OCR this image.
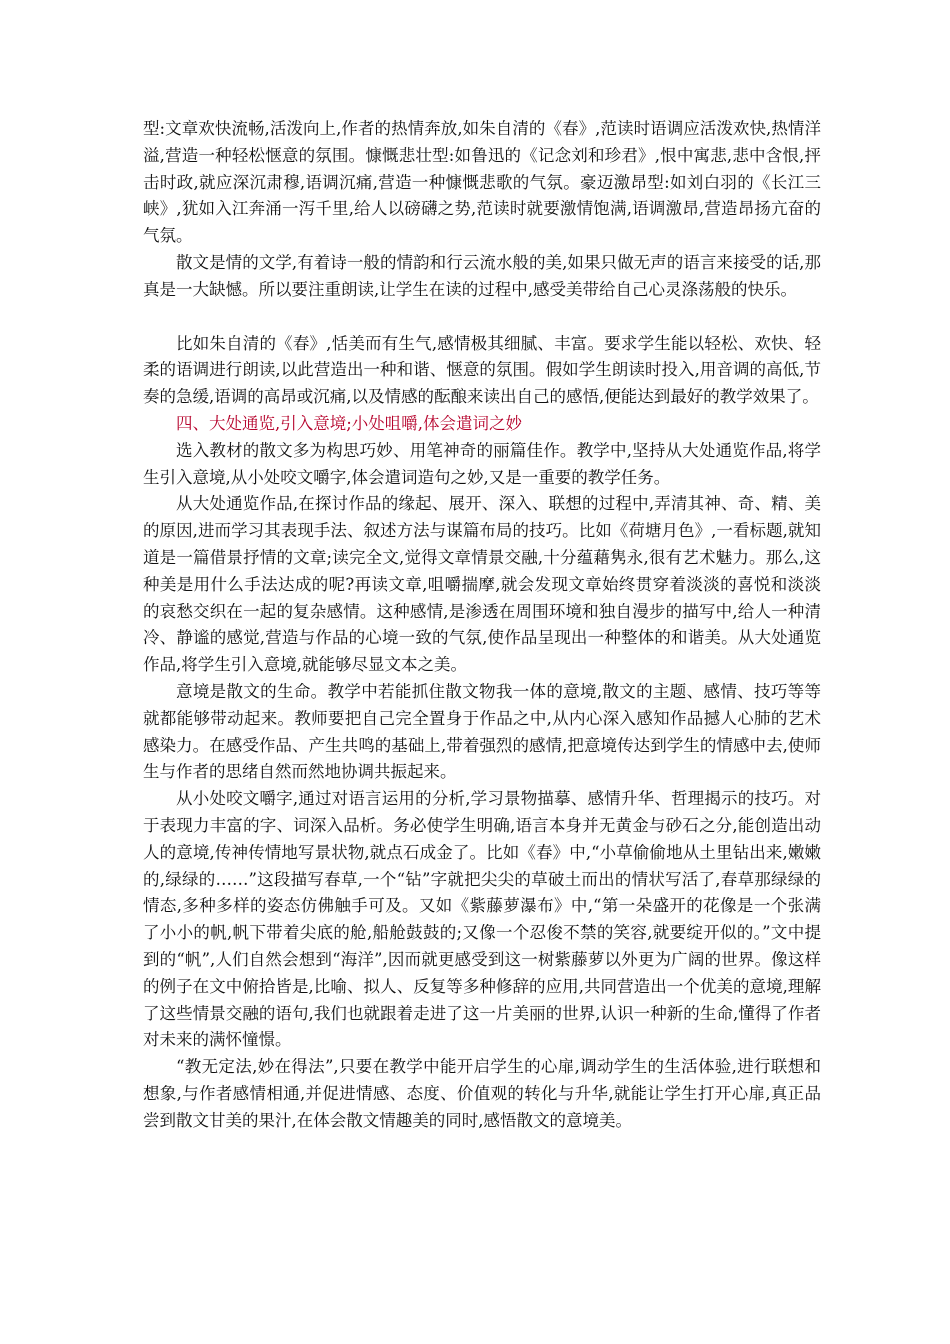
型:文章欢快流畅,活泼向上,作者的热情奔放,如朱自清的《春》,范读时语调应活泼欢快,热情洋溢,营造一种轻松惬意的氛围。慷慨悲壮型:如鲁迅的《记念刘和珍君》,恨中寓悲,悲中含恨,抨击时政,就应深沉肃穆,语调沉痛,营造一种慷慨悲歌的气氛。豪迈激昂型:如刘白羽的《长江三峡》,犹如入江奔涌一泻千里,给人以磅礴之势,范读时就要激情饱满,语调激昂,营造昂扬亢奋的气氛。

散文是情的文学,有着诗一般的情韵和行云流水般的美,如果只做无声的语言来接受的话,那真是一大缺憾。所以要注重朗读,让学生在读的过程中,感受美带给自己心灵涤荡般的快乐。

比如朱自清的《春》,恬美而有生气,感情极其细腻、丰富。要求学生能以轻松、欢快、轻柔的语调进行朗读,以此营造出一种和谐、惬意的氛围。假如学生朗读时投入,用音调的高低,节奏的急缓,语调的高昂或沉痛,以及情感的酝酿来读出自己的感悟,便能达到最好的教学效果了。

四、大处通览,引入意境;小处咀嚼,体会遣词之妙

选入教材的散文多为构思巧妙、用笔神奇的丽篇佳作。教学中,坚持从大处通览作品,将学生引入意境,从小处咬文嚼字,体会遣词造句之妙,又是一重要的教学任务。

从大处通览作品,在探讨作品的缘起、展开、深入、联想的过程中,弄清其神、奇、精、美的原因,进而学习其表现手法、叙述方法与谋篇布局的技巧。比如《荷塘月色》,一看标题,就知道是一篇借景抒情的文章;读完全文,觉得文章情景交融,十分蕴藉隽永,很有艺术魅力。那么,这种美是用什么手法达成的呢?再读文章,咀嚼揣摩,就会发现文章始终贯穿着淡淡的喜悦和淡淡的哀愁交织在一起的复杂感情。这种感情,是渗透在周围环境和独自漫步的描写中,给人一种清冷、静谧的感觉,营造与作品的心境一致的气氛,使作品呈现出一种整体的和谐美。从大处通览作品,将学生引入意境,就能够尽显文本之美。

意境是散文的生命。教学中若能抓住散文物我一体的意境,散文的主题、感情、技巧等等就都能够带动起来。教师要把自己完全置身于作品之中,从内心深入感知作品撼人心肺的艺术感染力。在感受作品、产生共鸣的基础上,带着强烈的感情,把意境传达到学生的情感中去,使师生与作者的思绪自然而然地协调共振起来。

从小处咬文嚼字,通过对语言运用的分析,学习景物描摹、感情升华、哲理揭示的技巧。对于表现力丰富的字、词深入品析。务必使学生明确,语言本身并无黄金与砂石之分,能创造出动人的意境,传神传情地写景状物,就点石成金了。比如《春》中,“小草偷偷地从土里钻出来,嫩嫩的,绿绿的……”这段描写春草,一个“钻”字就把尖尖的草破土而出的情状写活了,春草那绿绿的情态,多种多样的姿态仿佛触手可及。又如《紫藤萝瀑布》中,“第一朵盛开的花像是一个张满了小小的帆,帆下带着尖底的舱,船舱鼓鼓的;又像一个忍俊不禁的笑容,就要绽开似的。”文中提到的“帆”,人们自然会想到“海洋”,因而就更感受到这一树紫藤萝以外更为广阔的世界。像这样的例子在文中俯拾皆是,比喻、拟人、反复等多种修辞的应用,共同营造出一个优美的意境,理解了这些情景交融的语句,我们也就跟着走进了这一片美丽的世界,认识一种新的生命,懂得了作者对未来的满怀憧憬。

“教无定法,妙在得法”,只要在教学中能开启学生的心扉,调动学生的生活体验,进行联想和想象,与作者感情相通,并促进情感、态度、价值观的转化与升华,就能让学生打开心扉,真正品尝到散文甘美的果汁,在体会散文情趣美的同时,感悟散文的意境美。
